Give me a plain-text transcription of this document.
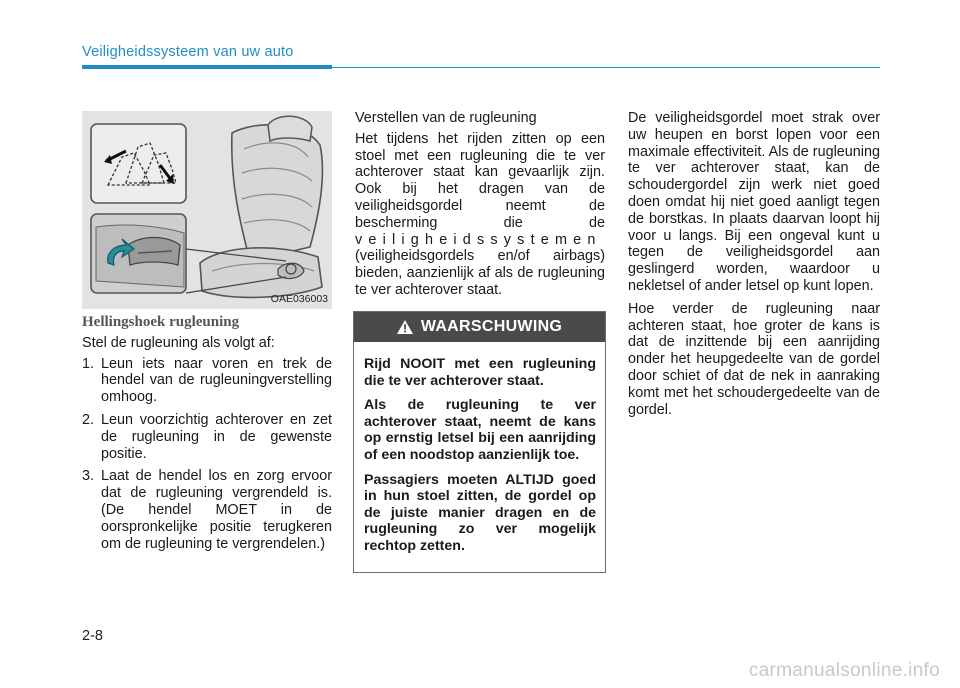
Veiligheidssysteem van uw auto
OAE036003

Hellingshoek rugleuning

Stel de rugleuning als volgt af:

1. Leun iets naar voren en trek de hendel van de rugleuningverstelling omhoog.
2. Leun voorzichtig achterover en zet de rugleuning in de gewenste positie.
3. Laat de hendel los en zorg ervoor dat de rugleuning vergrendeld is. (De hendel MOET in de oorspronkelijke positie terugkeren om de rugleuning te vergrendelen.)

Verstellen van de rugleuning

Het tijdens het rijden zitten op een stoel met een rugleuning die te ver achterover staat kan gevaarlijk zijn. Ook bij het dragen van de veiligheidsgordel neemt de bescherming die de veiligheidssystemen (veiligheidsgordels en/of airbags) bieden, aanzienlijk af als de rugleuning te ver achterover staat.

WAARSCHUWING

Rijd NOOIT met een rugleuning die te ver achterover staat.

Als de rugleuning te ver achterover staat, neemt de kans op ernstig letsel bij een aanrijding of een noodstop aanzienlijk toe.

Passagiers moeten ALTIJD goed in hun stoel zitten, de gordel op de juiste manier dragen en de rugleuning zo ver mogelijk rechtop zetten.

De veiligheidsgordel moet strak over uw heupen en borst lopen voor een maximale effectiviteit. Als de rugleuning te ver achterover staat, kan de schoudergordel zijn werk niet goed doen omdat hij niet goed aanligt tegen de borstkas. In plaats daarvan loopt hij voor u langs. Bij een ongeval kunt u tegen de veiligheidsgordel aan geslingerd worden, waardoor u nekletsel of ander letsel op kunt lopen.

Hoe verder de rugleuning naar achteren staat, hoe groter de kans is dat de inzittende bij een aanrijding onder het heupgedeelte van de gordel door schiet of dat de nek in aanraking komt met het schoudergedeelte van de gordel.

2-8
carmanualsonline.info
